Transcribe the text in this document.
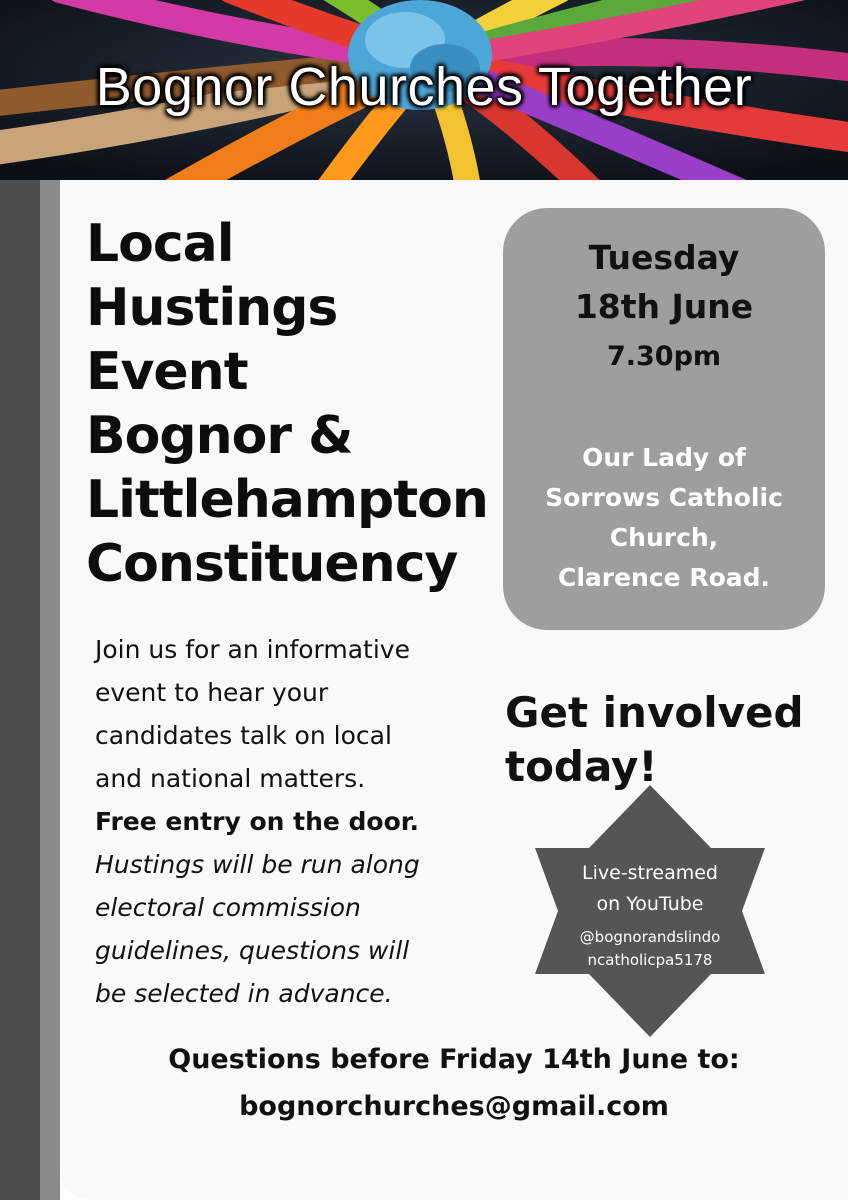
Bognor Churches Together
Local
Hustings
Event
Bognor &
Littlehampton
Constituency
Tuesday
18th June
7.30pm
Our Lady of
Sorrows Catholic
Church,
Clarence Road.
Join us for an informative
event to hear your
candidates talk on local
and national matters.
Free entry on the door.
Hustings will be run along
electoral commission
guidelines, questions will
be selected in advance.
Get involved
today!
Live-streamed
on YouTube
@bognorandslindo
ncatholicpa5178
Questions before Friday 14th June to:
bognorchurches@gmail.com
